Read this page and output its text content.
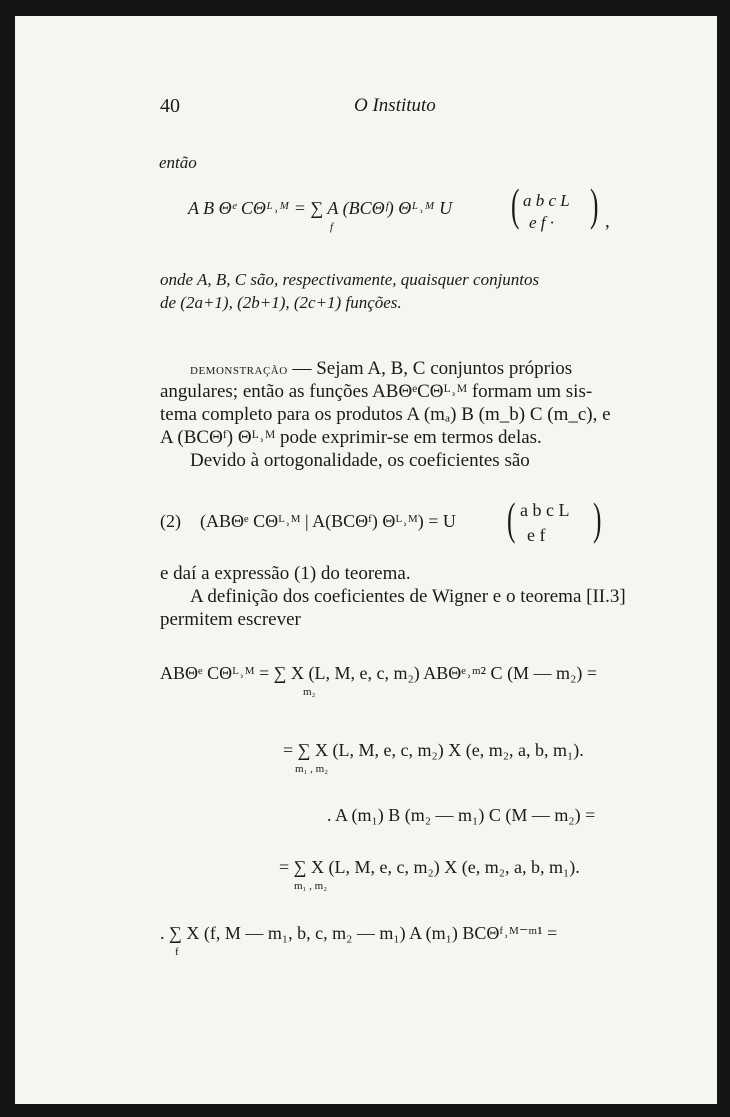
40	O Instituto
então
A B Θᵉ CΘᴸ˒ᴹ = ∑ A (BCΘᶠ) Θᴸ˒ᴹ U
f	( a b c L
e f · ) ,
onde A, B, C são, respectivamente, quaisquer conjuntos
de (2a+1), (2b+1), (2c+1) funções.
demonstração — Sejam A, B, C conjuntos próprios
angulares; então as funções ABΘᵉCΘᴸ˒ᴹ formam um sis-
tema completo para os produtos A (mₐ) B (m_b) C (m_c), e
A (BCΘᶠ) Θᴸ˒ᴹ pode exprimir-se em termos delas.
Devido à ortogonalidade, os coeficientes são
(2) (ABΘᵉ CΘᴸ˒ᴹ | A(BCΘᶠ) Θᴸ˒ᴹ) = U ( a b c L
e f )
e daí a expressão (1) do teorema.
A definição dos coeficientes de Wigner e o teorema [II.3]
permitem escrever
ABΘᵉ CΘᴸ˒ᴹ = ∑ X (L, M, e, c, m₂) ABΘᵉ˒ᵐ² C (M — m₂) =
m₂
= ∑ X (L, M, e, c, m₂) X (e, m₂, a, b, m₁).
m₁ , m₂
. A (m₁) B (m₂ — m₁) C (M — m₂) =
= ∑ X (L, M, e, c, m₂) X (e, m₂, a, b, m₁).
m₁ , m₂
. ∑ X (f, M — m₁, b, c, m₂ — m₁) A (m₁) BCΘᶠ˒ᴹ⁻ᵐ¹ =
f
